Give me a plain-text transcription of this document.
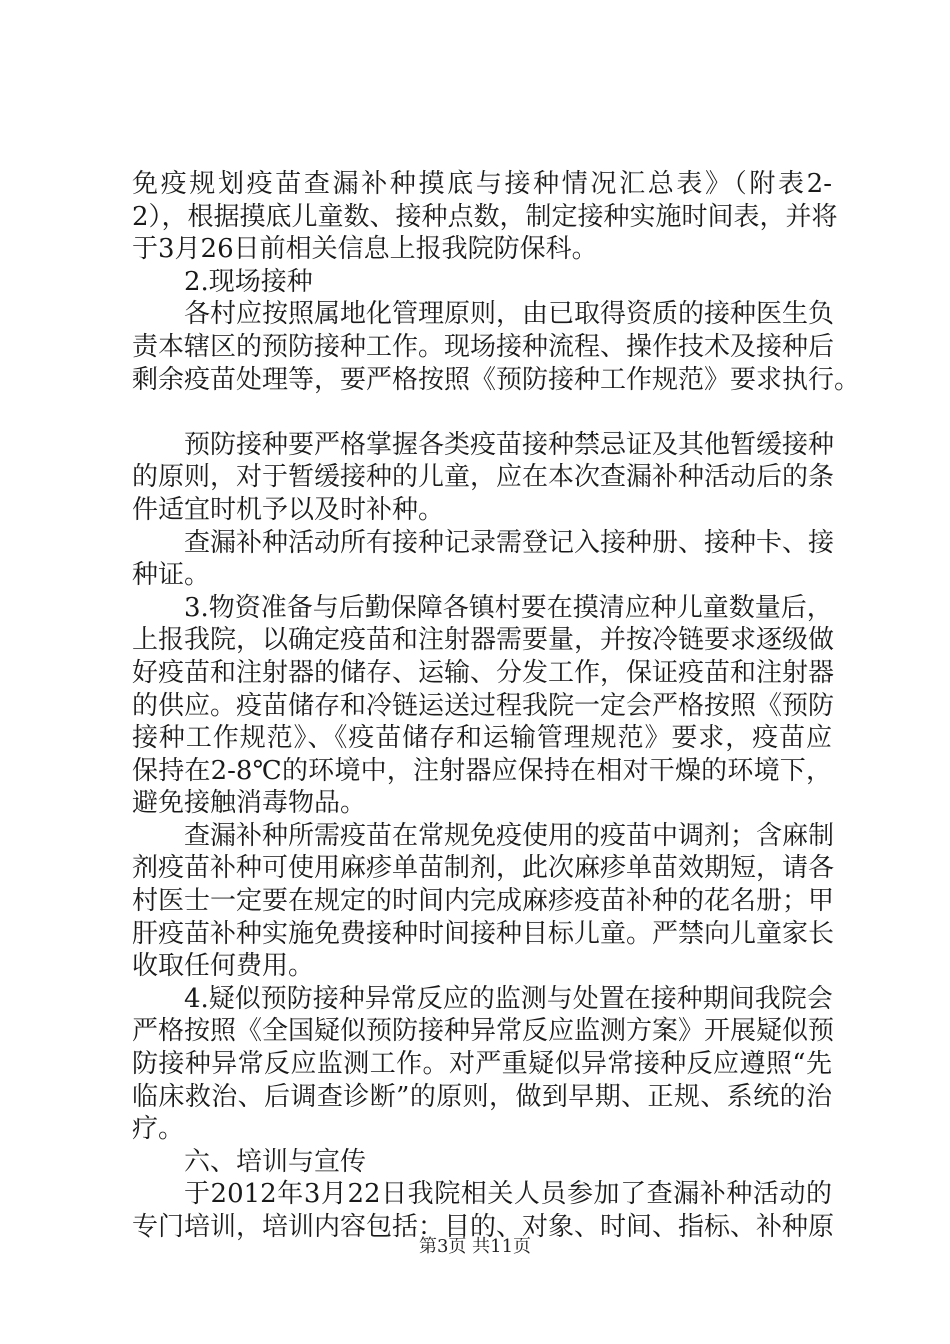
免疫规划疫苗查漏补种摸底与接种情况汇总表》（附表2-
2），根据摸底儿童数、接种点数，制定接种实施时间表，并将
于3月26日前相关信息上报我院防保科。
2.现场接种
各村应按照属地化管理原则，由已取得资质的接种医生负
责本辖区的预防接种工作。现场接种流程、操作技术及接种后
剩余疫苗处理等，要严格按照《预防接种工作规范》要求执行。
预防接种要严格掌握各类疫苗接种禁忌证及其他暂缓接种
的原则，对于暂缓接种的儿童，应在本次查漏补种活动后的条
件适宜时机予以及时补种。
查漏补种活动所有接种记录需登记入接种册、接种卡、接
种证。
3.物资准备与后勤保障各镇村要在摸清应种儿童数量后，
上报我院，以确定疫苗和注射器需要量，并按冷链要求逐级做
好疫苗和注射器的储存、运输、分发工作，保证疫苗和注射器
的供应。疫苗储存和冷链运送过程我院一定会严格按照《预防
接种工作规范》、《疫苗储存和运输管理规范》要求，疫苗应
保持在2-8℃的环境中，注射器应保持在相对干燥的环境下，
避免接触消毒物品。
查漏补种所需疫苗在常规免疫使用的疫苗中调剂；含麻制
剂疫苗补种可使用麻疹单苗制剂，此次麻疹单苗效期短，请各
村医士一定要在规定的时间内完成麻疹疫苗补种的花名册；甲
肝疫苗补种实施免费接种时间接种目标儿童。严禁向儿童家长
收取任何费用。
4.疑似预防接种异常反应的监测与处置在接种期间我院会
严格按照《全国疑似预防接种异常反应监测方案》开展疑似预
防接种异常反应监测工作。对严重疑似异常接种反应遵照“先
临床救治、后调查诊断”的原则，做到早期、正规、系统的治
疗。
六、培训与宣传
于2012年3月22日我院相关人员参加了查漏补种活动的
专门培训，培训内容包括：目的、对象、时间、指标、补种原
第3页 共11页
